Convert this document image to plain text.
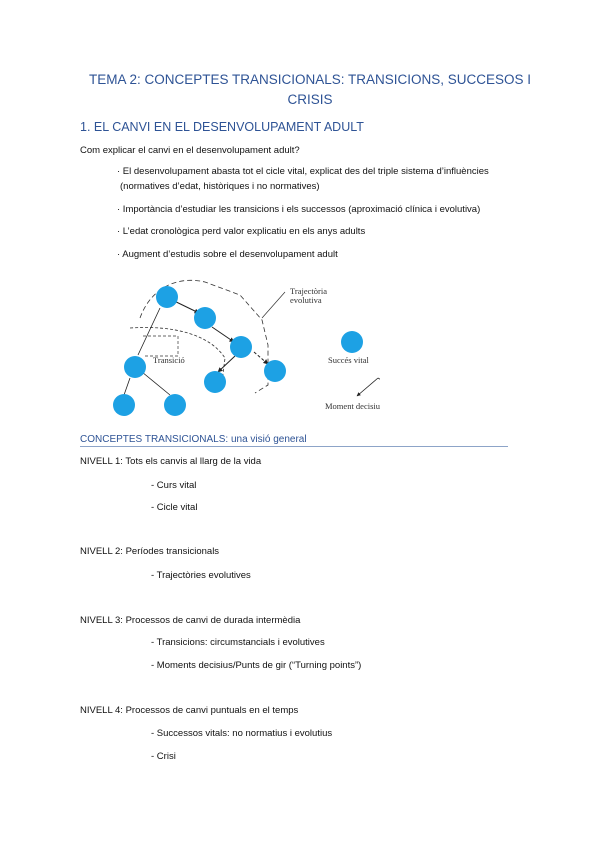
TEMA 2: CONCEPTES TRANSICIONALS: TRANSICIONS, SUCCESOS I
CRISIS
1. EL CANVI EN EL DESENVOLUPAMENT ADULT
Com explicar el canvi en el desenvolupament adult?
· El desenvolupament abasta tot el cicle vital, explicat des del triple sistema d’influències
(normatives d’edat, històriques i no normatives)
· Importància d’estudiar les transicions i els successos (aproximació clínica i evolutiva)
· L’edat cronològica perd valor explicatiu en els anys adults
· Augment d’estudis sobre el desenvolupament adult
Trajectòria
evolutiva
Transició	Succés vital
Moment decisiu
CONCEPTES TRANSICIONALS: una visió general
NIVELL 1: Tots els canvis al llarg de la vida
- Curs vital
- Cicle vital
NIVELL 2: Períodes transicionals
- Trajectòries evolutives
NIVELL 3: Processos de canvi de durada intermèdia
- Transicions: circumstancials i evolutives
- Moments decisius/Punts de gir (“Turning points”)
NIVELL 4: Processos de canvi puntuals en el temps
- Successos vitals: no normatius i evolutius
- Crisi
